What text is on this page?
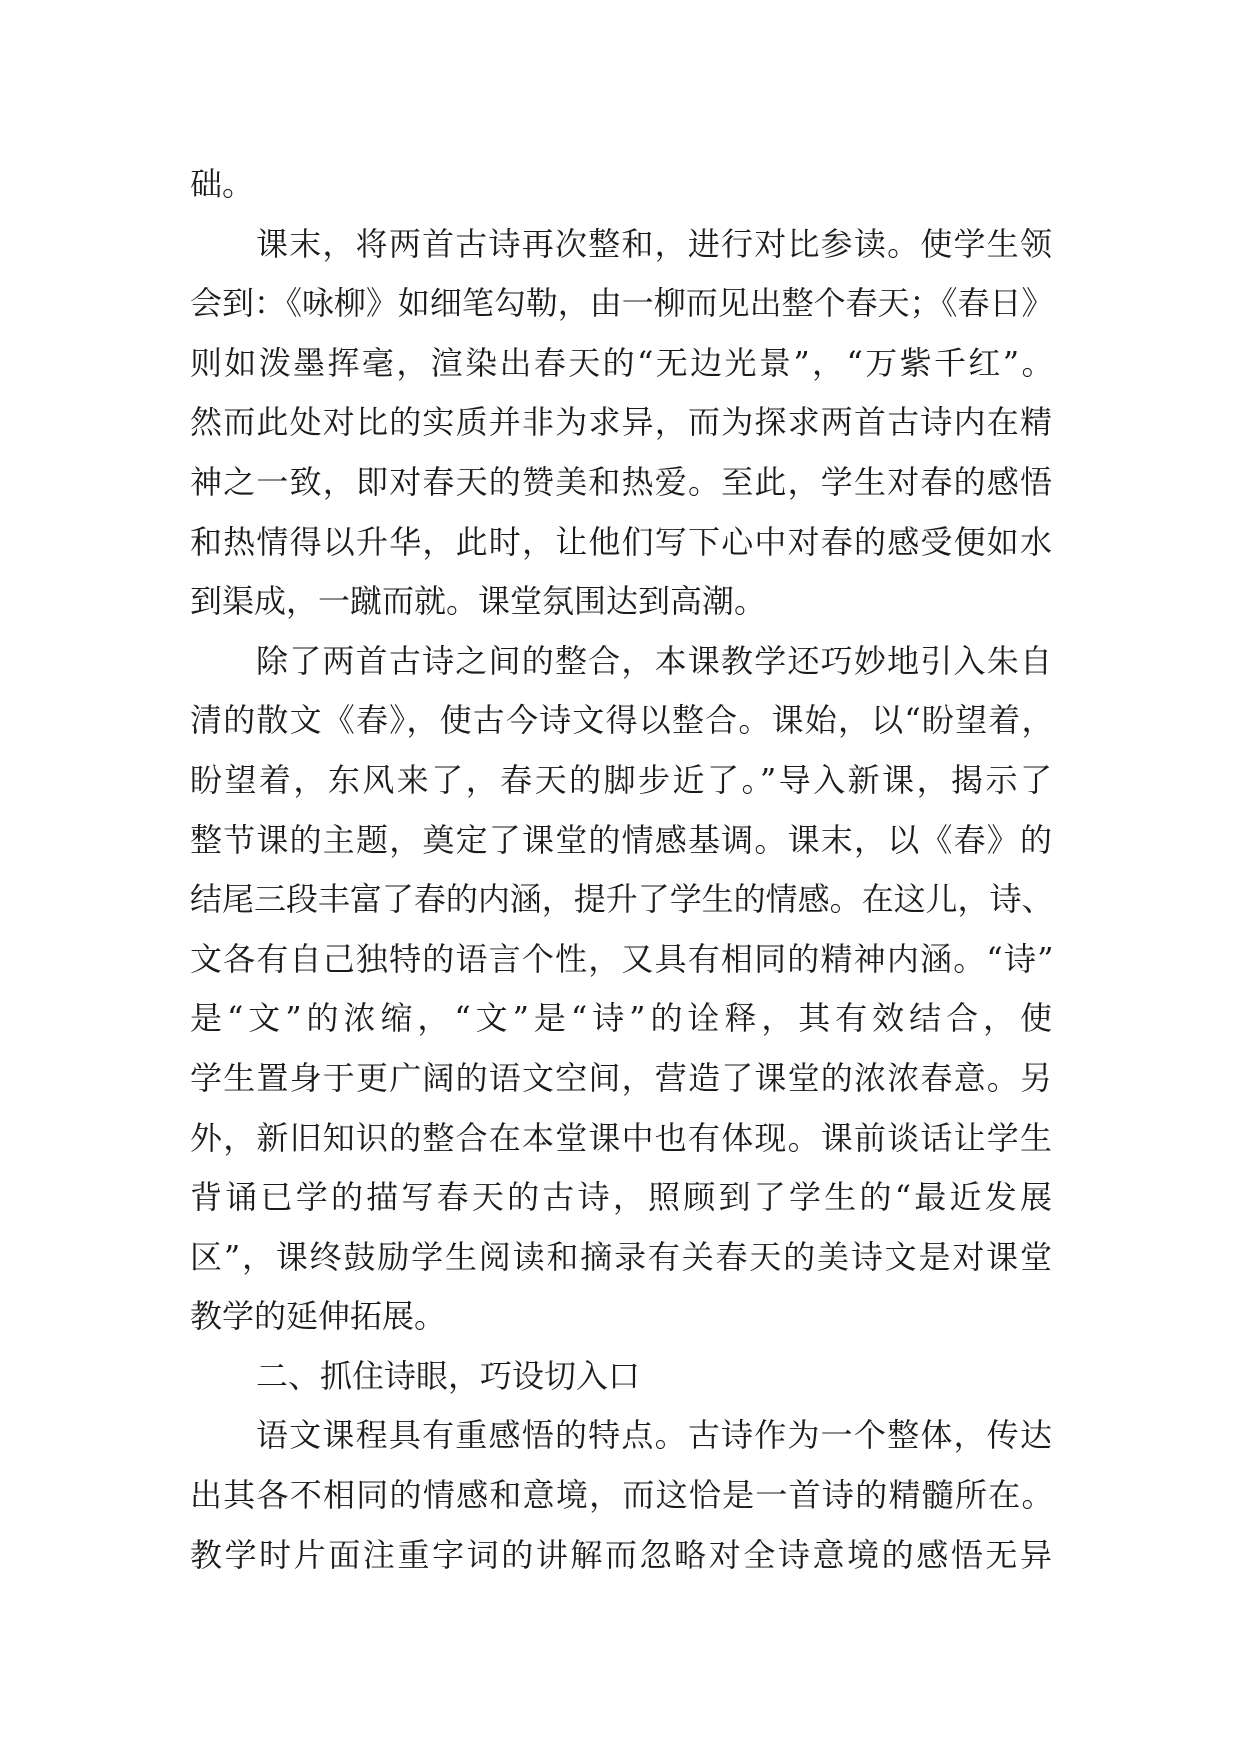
础。
课末，将两首古诗再次整和，进行对比参读。使学生领
会到：《咏柳》如细笔勾勒，由一柳而见出整个春天；《春日》
则如泼墨挥毫，渲染出春天的“无边光景”，“万紫千红”。
然而此处对比的实质并非为求异，而为探求两首古诗内在精
神之一致，即对春天的赞美和热爱。至此，学生对春的感悟
和热情得以升华，此时，让他们写下心中对春的感受便如水
到渠成，一蹴而就。课堂氛围达到高潮。
除了两首古诗之间的整合，本课教学还巧妙地引入朱自
清的散文《春》，使古今诗文得以整合。课始，以“盼望着，
盼望着，东风来了，春天的脚步近了。”导入新课，揭示了
整节课的主题，奠定了课堂的情感基调。课末，以《春》的
结尾三段丰富了春的内涵，提升了学生的情感。在这儿，诗、
文各有自己独特的语言个性，又具有相同的精神内涵。“诗”
是“文”的浓缩，“文”是“诗”的诠释，其有效结合，使
学生置身于更广阔的语文空间，营造了课堂的浓浓春意。另
外，新旧知识的整合在本堂课中也有体现。课前谈话让学生
背诵已学的描写春天的古诗，照顾到了学生的“最近发展
区”，课终鼓励学生阅读和摘录有关春天的美诗文是对课堂
教学的延伸拓展。
二、抓住诗眼，巧设切入口
语文课程具有重感悟的特点。古诗作为一个整体，传达
出其各不相同的情感和意境，而这恰是一首诗的精髓所在。
教学时片面注重字词的讲解而忽略对全诗意境的感悟无异
